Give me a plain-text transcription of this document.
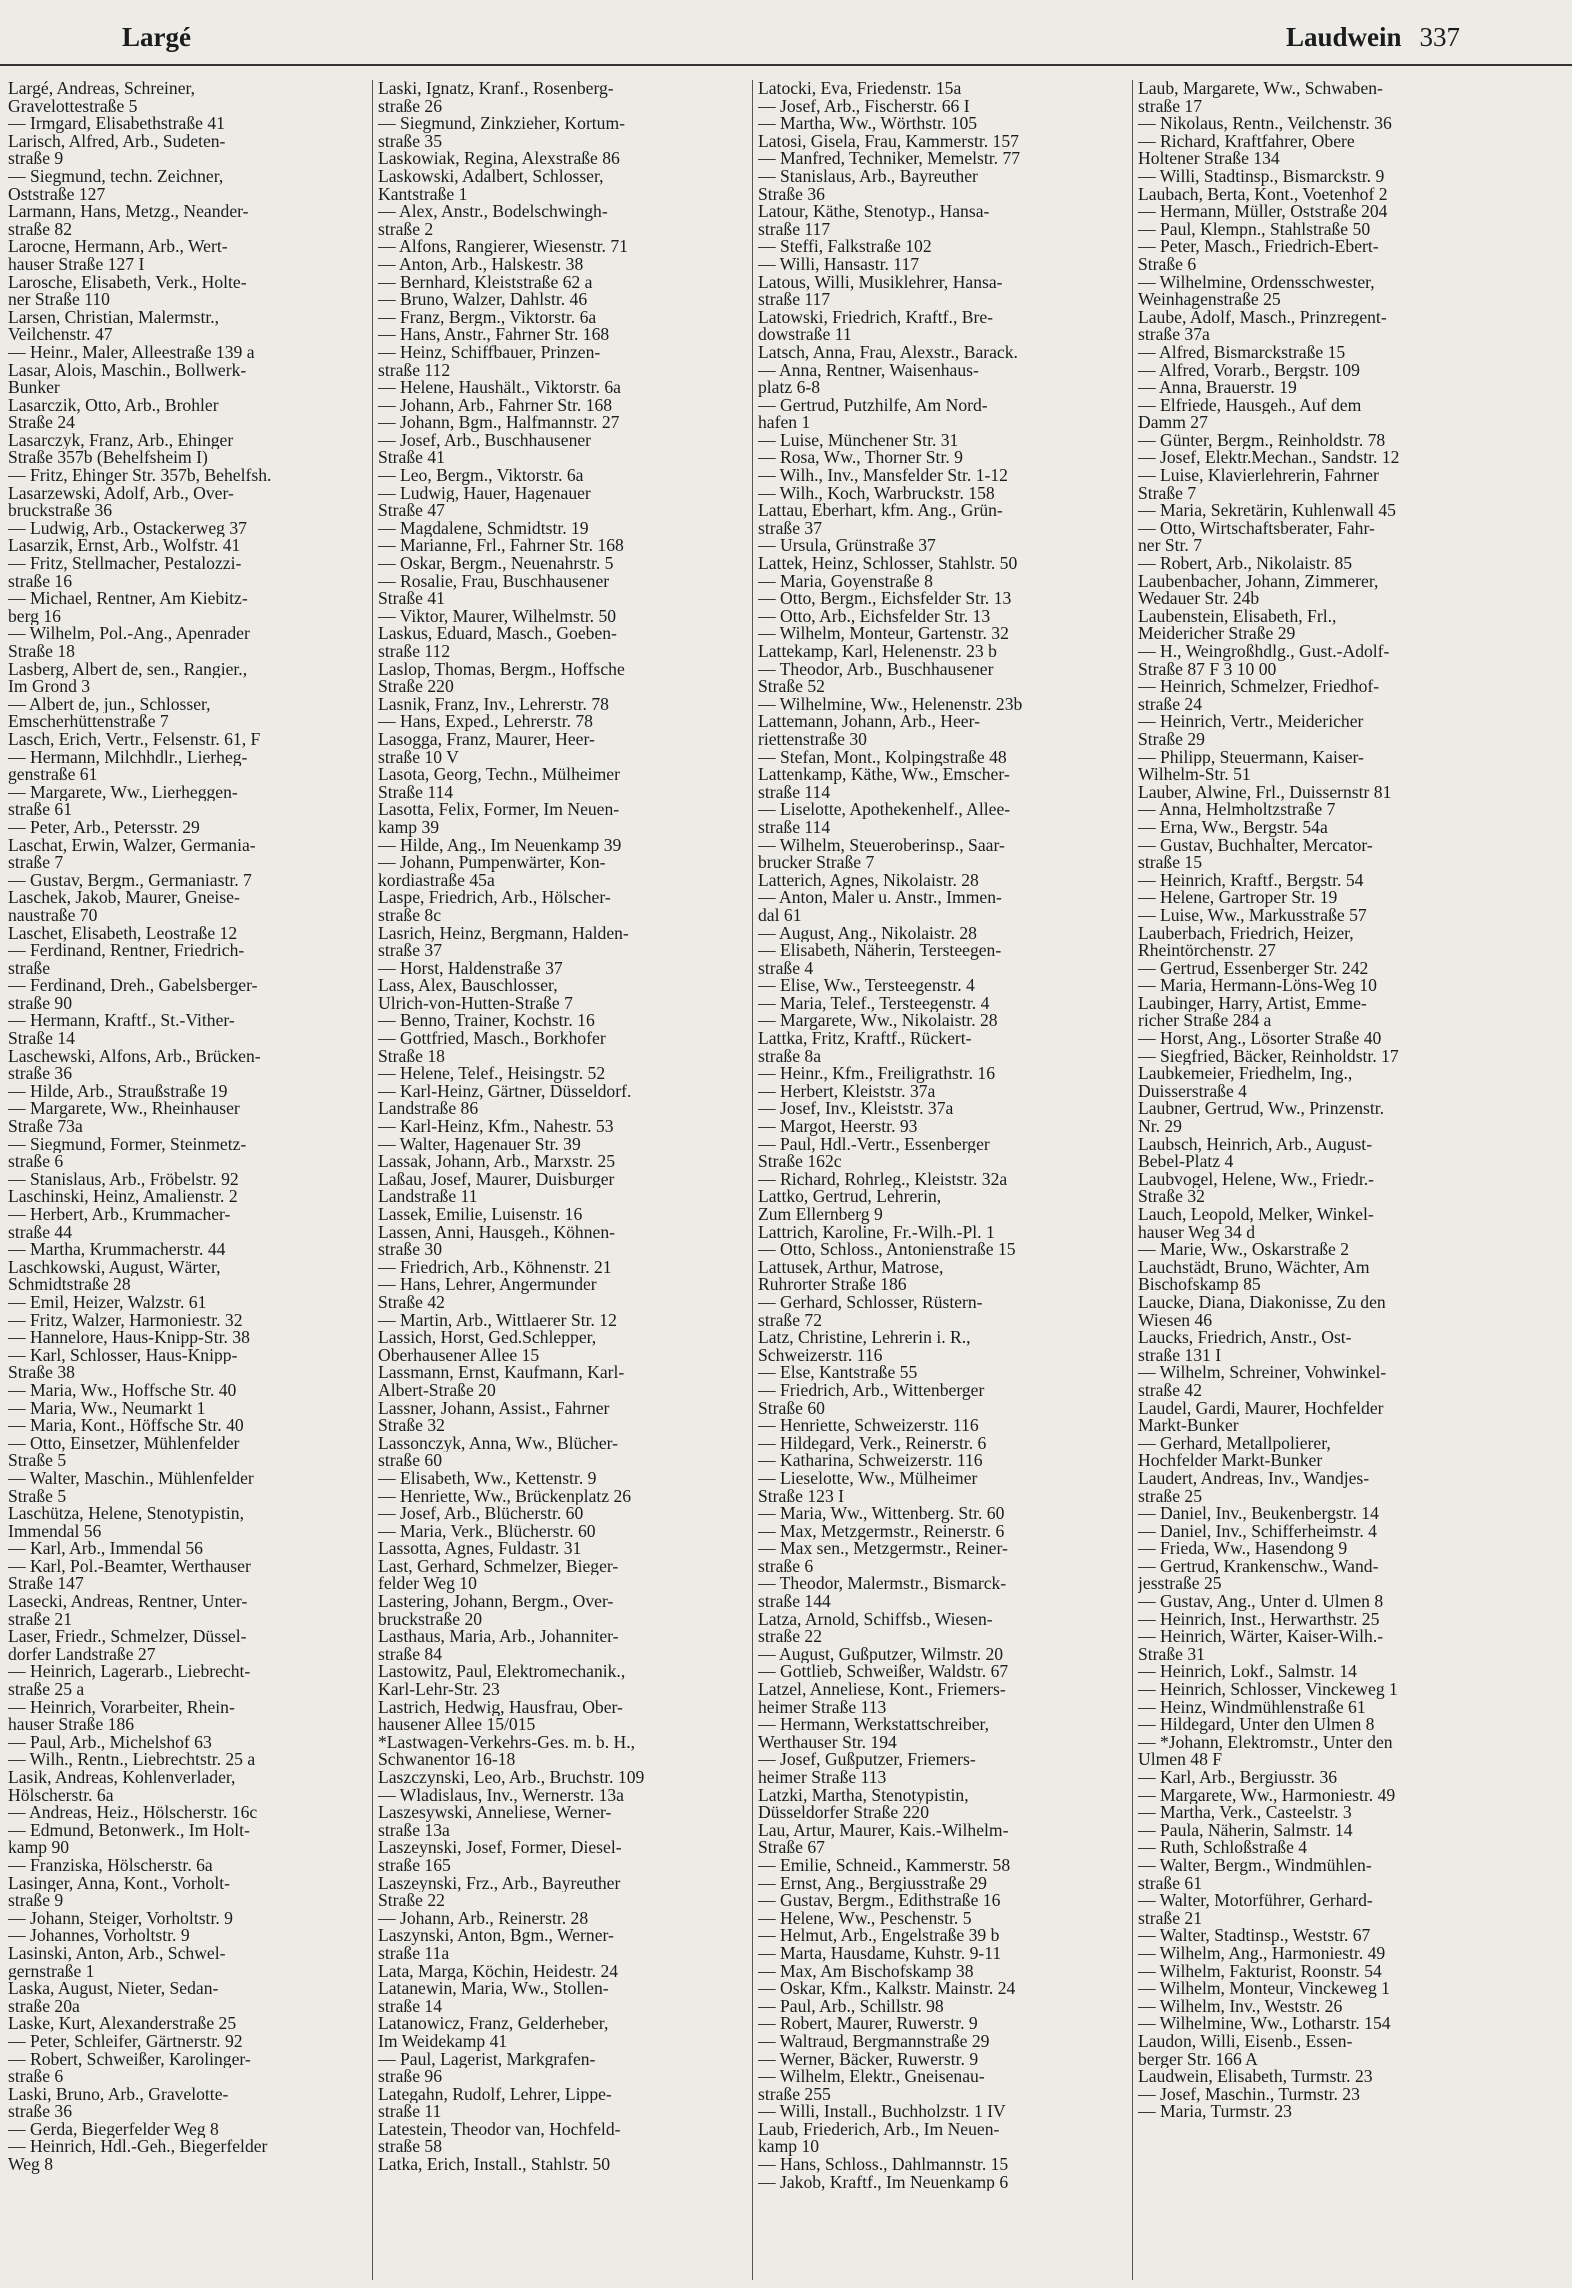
Largé	Laudwein 337
Largé, Andreas, Schreiner,
Gravelottestraße 5
— Irmgard, Elisabethstraße 41
Larisch, Alfred, Arb., Sudeten-
straße 9
— Siegmund, techn. Zeichner,
Oststraße 127
Larmann, Hans, Metzg., Neander-
straße 82
Larocne, Hermann, Arb., Wert-
hauser Straße 127 I
Larosche, Elisabeth, Verk., Holte-
ner Straße 110
Larsen, Christian, Malermstr.,
Veilchenstr. 47
— Heinr., Maler, Alleestraße 139 a
Lasar, Alois, Maschin., Bollwerk-
Bunker
Lasarczik, Otto, Arb., Brohler
Straße 24
Lasarczyk, Franz, Arb., Ehinger
Straße 357b (Behelfsheim I)
— Fritz, Ehinger Str. 357b, Behelfsh.
Lasarzewski, Adolf, Arb., Over-
bruckstraße 36
— Ludwig, Arb., Ostackerweg 37
Lasarzik, Ernst, Arb., Wolfstr. 41
— Fritz, Stellmacher, Pestalozzi-
straße 16
— Michael, Rentner, Am Kiebitz-
berg 16
— Wilhelm, Pol.-Ang., Apenrader
Straße 18
Lasberg, Albert de, sen., Rangier.,
Im Grond 3
— Albert de, jun., Schlosser,
Emscherhüttenstraße 7
Lasch, Erich, Vertr., Felsenstr. 61, F
— Hermann, Milchhdlr., Lierheg-
genstraße 61
— Margarete, Ww., Lierheggen-
straße 61
— Peter, Arb., Petersstr. 29
Laschat, Erwin, Walzer, Germania-
straße 7
— Gustav, Bergm., Germaniastr. 7
Laschek, Jakob, Maurer, Gneise-
naustraße 70
Laschet, Elisabeth, Leostraße 12
— Ferdinand, Rentner, Friedrich-
straße
— Ferdinand, Dreh., Gabelsberger-
straße 90
— Hermann, Kraftf., St.-Vither-
Straße 14
Laschewski, Alfons, Arb., Brücken-
straße 36
— Hilde, Arb., Straußstraße 19
— Margarete, Ww., Rheinhauser
Straße 73a
— Siegmund, Former, Steinmetz-
straße 6
— Stanislaus, Arb., Fröbelstr. 92
Laschinski, Heinz, Amalienstr. 2
— Herbert, Arb., Krummacher-
straße 44
— Martha, Krummacherstr. 44
Laschkowski, August, Wärter,
Schmidtstraße 28
— Emil, Heizer, Walzstr. 61
— Fritz, Walzer, Harmoniestr. 32
— Hannelore, Haus-Knipp-Str. 38
— Karl, Schlosser, Haus-Knipp-
Straße 38
— Maria, Ww., Hoffsche Str. 40
— Maria, Ww., Neumarkt 1
— Maria, Kont., Höffsche Str. 40
— Otto, Einsetzer, Mühlenfelder
Straße 5
— Walter, Maschin., Mühlenfelder
Straße 5
Laschütza, Helene, Stenotypistin,
Immendal 56
— Karl, Arb., Immendal 56
— Karl, Pol.-Beamter, Werthauser
Straße 147
Lasecki, Andreas, Rentner, Unter-
straße 21
Laser, Friedr., Schmelzer, Düssel-
dorfer Landstraße 27
— Heinrich, Lagerarb., Liebrecht-
straße 25 a
— Heinrich, Vorarbeiter, Rhein-
hauser Straße 186
— Paul, Arb., Michelshof 63
— Wilh., Rentn., Liebrechtstr. 25 a
Lasik, Andreas, Kohlenverlader,
Hölscherstr. 6a
— Andreas, Heiz., Hölscherstr. 16c
— Edmund, Betonwerk., Im Holt-
kamp 90
— Franziska, Hölscherstr. 6a
Lasinger, Anna, Kont., Vorholt-
straße 9
— Johann, Steiger, Vorholtstr. 9
— Johannes, Vorholtstr. 9
Lasinski, Anton, Arb., Schwel-
gernstraße 1
Laska, August, Nieter, Sedan-
straße 20a
Laske, Kurt, Alexanderstraße 25
— Peter, Schleifer, Gärtnerstr. 92
— Robert, Schweißer, Karolinger-
straße 6
Laski, Bruno, Arb., Gravelotte-
straße 36
— Gerda, Biegerfelder Weg 8
— Heinrich, Hdl.-Geh., Biegerfelder
Weg 8
Laski, Ignatz, Kranf., Rosenberg-
straße 26
— Siegmund, Zinkzieher, Kortum-
straße 35
Laskowiak, Regina, Alexstraße 86
Laskowski, Adalbert, Schlosser,
Kantstraße 1
— Alex, Anstr., Bodelschwingh-
straße 2
— Alfons, Rangierer, Wiesenstr. 71
— Anton, Arb., Halskestr. 38
— Bernhard, Kleiststraße 62 a
— Bruno, Walzer, Dahlstr. 46
— Franz, Bergm., Viktorstr. 6a
— Hans, Anstr., Fahrner Str. 168
— Heinz, Schiffbauer, Prinzen-
straße 112
— Helene, Haushält., Viktorstr. 6a
— Johann, Arb., Fahrner Str. 168
— Johann, Bgm., Halfmannstr. 27
— Josef, Arb., Buschhausener
Straße 41
— Leo, Bergm., Viktorstr. 6a
— Ludwig, Hauer, Hagenauer
Straße 47
— Magdalene, Schmidtstr. 19
— Marianne, Frl., Fahrner Str. 168
— Oskar, Bergm., Neuenahrstr. 5
— Rosalie, Frau, Buschhausener
Straße 41
— Viktor, Maurer, Wilhelmstr. 50
Laskus, Eduard, Masch., Goeben-
straße 112
Laslop, Thomas, Bergm., Hoffsche
Straße 220
Lasnik, Franz, Inv., Lehrerstr. 78
— Hans, Exped., Lehrerstr. 78
Lasogga, Franz, Maurer, Heer-
straße 10 V
Lasota, Georg, Techn., Mülheimer
Straße 114
Lasotta, Felix, Former, Im Neuen-
kamp 39
— Hilde, Ang., Im Neuenkamp 39
— Johann, Pumpenwärter, Kon-
kordiastraße 45a
Laspe, Friedrich, Arb., Hölscher-
straße 8c
Lasrich, Heinz, Bergmann, Halden-
straße 37
— Horst, Haldenstraße 37
Lass, Alex, Bauschlosser,
Ulrich-von-Hutten-Straße 7
— Benno, Trainer, Kochstr. 16
— Gottfried, Masch., Borkhofer
Straße 18
— Helene, Telef., Heisingstr. 52
— Karl-Heinz, Gärtner, Düsseldorf.
Landstraße 86
— Karl-Heinz, Kfm., Nahestr. 53
— Walter, Hagenauer Str. 39
Lassak, Johann, Arb., Marxstr. 25
Laßau, Josef, Maurer, Duisburger
Landstraße 11
Lassek, Emilie, Luisenstr. 16
Lassen, Anni, Hausgeh., Köhnen-
straße 30
— Friedrich, Arb., Köhnenstr. 21
— Hans, Lehrer, Angermunder
Straße 42
— Martin, Arb., Wittlaerer Str. 12
Lassich, Horst, Ged.Schlepper,
Oberhausener Allee 15
Lassmann, Ernst, Kaufmann, Karl-
Albert-Straße 20
Lassner, Johann, Assist., Fahrner
Straße 32
Lassonczyk, Anna, Ww., Blücher-
straße 60
— Elisabeth, Ww., Kettenstr. 9
— Henriette, Ww., Brückenplatz 26
— Josef, Arb., Blücherstr. 60
— Maria, Verk., Blücherstr. 60
Lassotta, Agnes, Fuldastr. 31
Last, Gerhard, Schmelzer, Bieger-
felder Weg 10
Lastering, Johann, Bergm., Over-
bruckstraße 20
Lasthaus, Maria, Arb., Johanniter-
straße 84
Lastowitz, Paul, Elektromechanik.,
Karl-Lehr-Str. 23
Lastrich, Hedwig, Hausfrau, Ober-
hausener Allee 15/015
*Lastwagen-Verkehrs-Ges. m. b. H.,
Schwanentor 16-18
Laszczynski, Leo, Arb., Bruchstr. 109
— Wladislaus, Inv., Wernerstr. 13a
Laszesywski, Anneliese, Werner-
straße 13a
Laszeynski, Josef, Former, Diesel-
straße 165
Laszeynski, Frz., Arb., Bayreuther
Straße 22
— Johann, Arb., Reinerstr. 28
Laszynski, Anton, Bgm., Werner-
straße 11a
Lata, Marga, Köchin, Heidestr. 24
Latanewin, Maria, Ww., Stollen-
straße 14
Latanowicz, Franz, Gelderheber,
Im Weidekamp 41
— Paul, Lagerist, Markgrafen-
straße 96
Lategahn, Rudolf, Lehrer, Lippe-
straße 11
Latestein, Theodor van, Hochfeld-
straße 58
Latka, Erich, Install., Stahlstr. 50
Latocki, Eva, Friedenstr. 15a
— Josef, Arb., Fischerstr. 66 I
— Martha, Ww., Wörthstr. 105
Latosi, Gisela, Frau, Kammerstr. 157
— Manfred, Techniker, Memelstr. 77
— Stanislaus, Arb., Bayreuther
Straße 36
Latour, Käthe, Stenotyp., Hansa-
straße 117
— Steffi, Falkstraße 102
— Willi, Hansastr. 117
Latous, Willi, Musiklehrer, Hansa-
straße 117
Latowski, Friedrich, Kraftf., Bre-
dowstraße 11
Latsch, Anna, Frau, Alexstr., Barack.
— Anna, Rentner, Waisenhaus-
platz 6-8
— Gertrud, Putzhilfe, Am Nord-
hafen 1
— Luise, Münchener Str. 31
— Rosa, Ww., Thorner Str. 9
— Wilh., Inv., Mansfelder Str. 1-12
— Wilh., Koch, Warbruckstr. 158
Lattau, Eberhart, kfm. Ang., Grün-
straße 37
— Ursula, Grünstraße 37
Lattek, Heinz, Schlosser, Stahlstr. 50
— Maria, Goyenstraße 8
— Otto, Bergm., Eichsfelder Str. 13
— Otto, Arb., Eichsfelder Str. 13
— Wilhelm, Monteur, Gartenstr. 32
Lattekamp, Karl, Helenenstr. 23 b
— Theodor, Arb., Buschhausener
Straße 52
— Wilhelmine, Ww., Helenenstr. 23b
Lattemann, Johann, Arb., Heer-
riettenstraße 30
— Stefan, Mont., Kolpingstraße 48
Lattenkamp, Käthe, Ww., Emscher-
straße 114
— Liselotte, Apothekenhelf., Allee-
straße 114
— Wilhelm, Steueroberinsp., Saar-
brucker Straße 7
Latterich, Agnes, Nikolaistr. 28
— Anton, Maler u. Anstr., Immen-
dal 61
— August, Ang., Nikolaistr. 28
— Elisabeth, Näherin, Tersteegen-
straße 4
— Elise, Ww., Tersteegenstr. 4
— Maria, Telef., Tersteegenstr. 4
— Margarete, Ww., Nikolaistr. 28
Lattka, Fritz, Kraftf., Rückert-
straße 8a
— Heinr., Kfm., Freiligrathstr. 16
— Herbert, Kleiststr. 37a
— Josef, Inv., Kleiststr. 37a
— Margot, Heerstr. 93
— Paul, Hdl.-Vertr., Essenberger
Straße 162c
— Richard, Rohrleg., Kleiststr. 32a
Lattko, Gertrud, Lehrerin,
Zum Ellernberg 9
Lattrich, Karoline, Fr.-Wilh.-Pl. 1
— Otto, Schloss., Antonienstraße 15
Lattusek, Arthur, Matrose,
Ruhrorter Straße 186
— Gerhard, Schlosser, Rüstern-
straße 72
Latz, Christine, Lehrerin i. R.,
Schweizerstr. 116
— Else, Kantstraße 55
— Friedrich, Arb., Wittenberger
Straße 60
— Henriette, Schweizerstr. 116
— Hildegard, Verk., Reinerstr. 6
— Katharina, Schweizerstr. 116
— Lieselotte, Ww., Mülheimer
Straße 123 I
— Maria, Ww., Wittenberg. Str. 60
— Max, Metzgermstr., Reinerstr. 6
— Max sen., Metzgermstr., Reiner-
straße 6
— Theodor, Malermstr., Bismarck-
straße 144
Latza, Arnold, Schiffsb., Wiesen-
straße 22
— August, Gußputzer, Wilmstr. 20
— Gottlieb, Schweißer, Waldstr. 67
Latzel, Anneliese, Kont., Friemers-
heimer Straße 113
— Hermann, Werkstattschreiber,
Werthauser Str. 194
— Josef, Gußputzer, Friemers-
heimer Straße 113
Latzki, Martha, Stenotypistin,
Düsseldorfer Straße 220
Lau, Artur, Maurer, Kais.-Wilhelm-
Straße 67
— Emilie, Schneid., Kammerstr. 58
— Ernst, Ang., Bergiusstraße 29
— Gustav, Bergm., Edithstraße 16
— Helene, Ww., Peschenstr. 5
— Helmut, Arb., Engelstraße 39 b
— Marta, Hausdame, Kuhstr. 9-11
— Max, Am Bischofskamp 38
— Oskar, Kfm., Kalkstr. Mainstr. 24
— Paul, Arb., Schillstr. 98
— Robert, Maurer, Ruwerstr. 9
— Waltraud, Bergmannstraße 29
— Werner, Bäcker, Ruwerstr. 9
— Wilhelm, Elektr., Gneisenau-
straße 255
— Willi, Install., Buchholzstr. 1 IV
Laub, Friederich, Arb., Im Neuen-
kamp 10
— Hans, Schloss., Dahlmannstr. 15
— Jakob, Kraftf., Im Neuenkamp 6
Laub, Margarete, Ww., Schwaben-
straße 17
— Nikolaus, Rentn., Veilchenstr. 36
— Richard, Kraftfahrer, Obere
Holtener Straße 134
— Willi, Stadtinsp., Bismarckstr. 9
Laubach, Berta, Kont., Voetenhof 2
— Hermann, Müller, Oststraße 204
— Paul, Klempn., Stahlstraße 50
— Peter, Masch., Friedrich-Ebert-
Straße 6
— Wilhelmine, Ordensschwester,
Weinhagenstraße 25
Laube, Adolf, Masch., Prinzregent-
straße 37a
— Alfred, Bismarckstraße 15
— Alfred, Vorarb., Bergstr. 109
— Anna, Brauerstr. 19
— Elfriede, Hausgeh., Auf dem
Damm 27
— Günter, Bergm., Reinholdstr. 78
— Josef, Elektr.Mechan., Sandstr. 12
— Luise, Klavierlehrerin, Fahrner
Straße 7
— Maria, Sekretärin, Kuhlenwall 45
— Otto, Wirtschaftsberater, Fahr-
ner Str. 7
— Robert, Arb., Nikolaistr. 85
Laubenbacher, Johann, Zimmerer,
Wedauer Str. 24b
Laubenstein, Elisabeth, Frl.,
Meidericher Straße 29
— H., Weingroßhdlg., Gust.-Adolf-
Straße 87 F 3 10 00
— Heinrich, Schmelzer, Friedhof-
straße 24
— Heinrich, Vertr., Meidericher
Straße 29
— Philipp, Steuermann, Kaiser-
Wilhelm-Str. 51
Lauber, Alwine, Frl., Duissernstr 81
— Anna, Helmholtzstraße 7
— Erna, Ww., Bergstr. 54a
— Gustav, Buchhalter, Mercator-
straße 15
— Heinrich, Kraftf., Bergstr. 54
— Helene, Gartroper Str. 19
— Luise, Ww., Markusstraße 57
Lauberbach, Friedrich, Heizer,
Rheintörchenstr. 27
— Gertrud, Essenberger Str. 242
— Maria, Hermann-Löns-Weg 10
Laubinger, Harry, Artist, Emme-
richer Straße 284 a
— Horst, Ang., Lösorter Straße 40
— Siegfried, Bäcker, Reinholdstr. 17
Laubkemeier, Friedhelm, Ing.,
Duisserstraße 4
Laubner, Gertrud, Ww., Prinzenstr.
Nr. 29
Laubsch, Heinrich, Arb., August-
Bebel-Platz 4
Laubvogel, Helene, Ww., Friedr.-
Straße 32
Lauch, Leopold, Melker, Winkel-
hauser Weg 34 d
— Marie, Ww., Oskarstraße 2
Lauchstädt, Bruno, Wächter, Am
Bischofskamp 85
Laucke, Diana, Diakonisse, Zu den
Wiesen 46
Laucks, Friedrich, Anstr., Ost-
straße 131 I
— Wilhelm, Schreiner, Vohwinkel-
straße 42
Laudel, Gardi, Maurer, Hochfelder
Markt-Bunker
— Gerhard, Metallpolierer,
Hochfelder Markt-Bunker
Laudert, Andreas, Inv., Wandjes-
straße 25
— Daniel, Inv., Beukenbergstr. 14
— Daniel, Inv., Schifferheimstr. 4
— Frieda, Ww., Hasendong 9
— Gertrud, Krankenschw., Wand-
jesstraße 25
— Gustav, Ang., Unter d. Ulmen 8
— Heinrich, Inst., Herwarthstr. 25
— Heinrich, Wärter, Kaiser-Wilh.-
Straße 31
— Heinrich, Lokf., Salmstr. 14
— Heinrich, Schlosser, Vinckeweg 1
— Heinz, Windmühlenstraße 61
— Hildegard, Unter den Ulmen 8
— *Johann, Elektromstr., Unter den
Ulmen 48 F
— Karl, Arb., Bergiusstr. 36
— Margarete, Ww., Harmoniestr. 49
— Martha, Verk., Casteelstr. 3
— Paula, Näherin, Salmstr. 14
— Ruth, Schloßstraße 4
— Walter, Bergm., Windmühlen-
straße 61
— Walter, Motorführer, Gerhard-
straße 21
— Walter, Stadtinsp., Weststr. 67
— Wilhelm, Ang., Harmoniestr. 49
— Wilhelm, Fakturist, Roonstr. 54
— Wilhelm, Monteur, Vinckeweg 1
— Wilhelm, Inv., Weststr. 26
— Wilhelmine, Ww., Lotharstr. 154
Laudon, Willi, Eisenb., Essen-
berger Str. 166 A
Laudwein, Elisabeth, Turmstr. 23
— Josef, Maschin., Turmstr. 23
— Maria, Turmstr. 23
